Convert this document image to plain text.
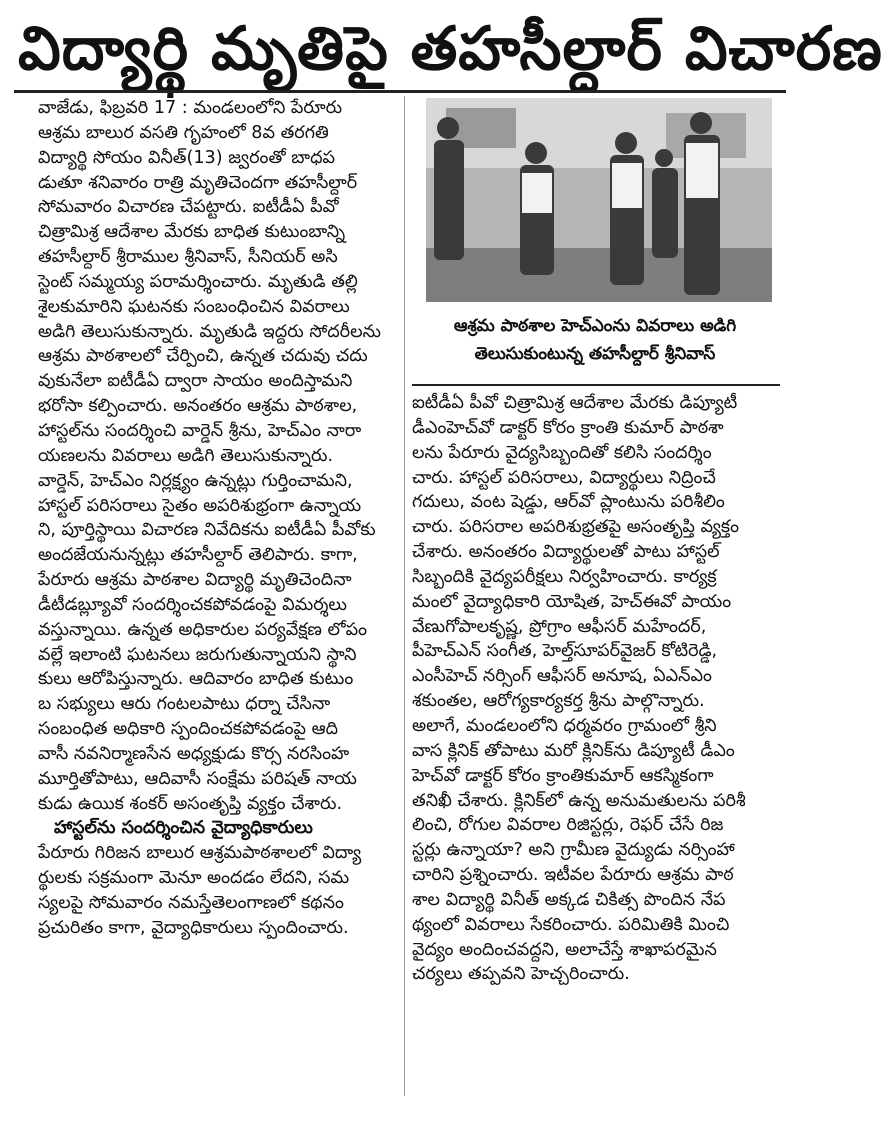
విద్యార్థి మృతిపై తహసీల్దార్ విచారణ
వాజేడు, ఫిబ్రవరి 17 : మండలంలోని పేరూరు
ఆశ్రమ బాలుర వసతి గృహంలో 8వ తరగతి
విద్యార్థి సోయం వినీత్(13) జ్వరంతో బాధప
డుతూ శనివారం రాత్రి మృతిచెందగా తహసీల్దార్
సోమవారం విచారణ చేపట్టారు. ఐటీడీఏ పీవో
చిత్రామిశ్ర ఆదేశాల మేరకు బాధిత కుటుంబాన్ని
తహసీల్దార్ శ్రీరాముల శ్రీనివాస్, సీనియర్ అసి
స్టెంట్ సమ్మయ్య పరామర్శించారు. మృతుడి తల్లి
శైలకుమారిని ఘటనకు సంబంధించిన వివరాలు
అడిగి తెలుసుకున్నారు. మృతుడి ఇద్దరు సోదరీలను
ఆశ్రమ పాఠశాలలో చేర్పించి, ఉన్నత చదువు చదు
వుకునేలా ఐటీడీఏ ద్వారా సాయం అందిస్తామని
భరోసా కల్పించారు. అనంతరం ఆశ్రమ పాఠశాల,
హాస్టల్‌ను సందర్శించి వార్డెన్ శ్రీను, హెచ్ఎం నారా
యణలను వివరాలు అడిగి తెలుసుకున్నారు.
వార్డెన్, హెచ్ఎం నిర్లక్ష్యం ఉన్నట్లు గుర్తించామని,
హాస్టల్ పరిసరాలు సైతం అపరిశుభ్రంగా ఉన్నాయ
ని, పూర్తిస్థాయి విచారణ నివేదికను ఐటీడీఏ పీవోకు
అందజేయనున్నట్లు తహసీల్దార్ తెలిపారు. కాగా,
పేరూరు ఆశ్రమ పాఠశాల విద్యార్థి మృతిచెందినా
డీటీడబ్ల్యూవో సందర్శించకపోవడంపై విమర్శలు
వస్తున్నాయి. ఉన్నత అధికారుల పర్యవేక్షణ లోపం
వల్లే ఇలాంటి ఘటనలు జరుగుతున్నాయని స్థాని
కులు ఆరోపిస్తున్నారు. ఆదివారం బాధిత కుటుం
బ సభ్యులు ఆరు గంటలపాటు ధర్నా చేసినా
సంబంధిత అధికారి స్పందించకపోవడంపై ఆది
వాసీ నవనిర్మాణసేన అధ్యక్షుడు కొర్స నరసింహ
మూర్తితోపాటు, ఆదివాసీ సంక్షేమ పరిషత్ నాయ
కుడు ఉయిక శంకర్ అసంతృప్తి వ్యక్తం చేశారు.
హాస్టల్‌ను సందర్శించిన వైద్యాధికారులు
పేరూరు గిరిజన బాలుర ఆశ్రమపాఠశాలలో విద్యా
ర్థులకు సక్రమంగా మెనూ అందడం లేదని, సమ
స్యలపై సోమవారం నమస్తేతెలంగాణలో కథనం
ప్రచురితం కాగా, వైద్యాధికారులు స్పందించారు.
ఆశ్రమ పాఠశాల హెచ్ఎంను వివరాలు అడిగి
తెలుసుకుంటున్న తహసీల్దార్ శ్రీనివాస్
ఐటీడీఏ పీవో చిత్రామిశ్ర ఆదేశాల మేరకు డిప్యూటీ
డీఎంహెచ్‌వో డాక్టర్ కోరం క్రాంతి కుమార్ పాఠశా
లను పేరూరు వైద్యసిబ్బందితో కలిసి సందర్శిం
చారు. హాస్టల్ పరిసరాలు, విద్యార్థులు నిద్రించే
గదులు, వంట షెడ్డు, ఆర్‌వో ప్లాంటును పరిశీలిం
చారు. పరిసరాల అపరిశుభ్రతపై అసంతృప్తి వ్యక్తం
చేశారు. అనంతరం విద్యార్థులతో పాటు హాస్టల్
సిబ్బందికి వైద్యపరీక్షలు నిర్వహించారు. కార్యక్ర
మంలో వైద్యాధికారి యోషిత, హెచ్ఈవో పాయం
వేణుగోపాలకృష్ణ, ప్రోగ్రాం ఆఫీసర్ మహేందర్,
పీహెచ్ఎన్ సంగీత, హెల్త్‌సూపర్‌వైజర్ కోటిరెడ్డి,
ఎంసీహెచ్ నర్సింగ్ ఆఫీసర్ అనూష, ఏఎన్ఎం
శకుంతల, ఆరోగ్యకార్యకర్త శ్రీను పాల్గొన్నారు.
అలాగే, మండలంలోని ధర్మవరం గ్రామంలో శ్రీని
వాస క్లినిక్ తోపాటు మరో క్లినిక్‌ను డిప్యూటీ డీఎం
హెచ్‌వో డాక్టర్ కోరం క్రాంతికుమార్ ఆకస్మికంగా
తనిఖీ చేశారు. క్లినిక్‌లో ఉన్న అనుమతులను పరిశీ
లించి, రోగుల వివరాల రిజిస్టర్లు, రెఫర్ చేసే రిజ
స్టర్లు ఉన్నాయా? అని గ్రామీణ వైద్యుడు నర్సింహా
చారిని ప్రశ్నించారు. ఇటీవల పేరూరు ఆశ్రమ పాఠ
శాల విద్యార్థి వినీత్ అక్కడ చికిత్స పొందిన నేప
థ్యంలో వివరాలు సేకరించారు. పరిమితికి మించి
వైద్యం అందించవద్దని, అలాచేస్తే శాఖాపరమైన
చర్యలు తప్పవని హెచ్చరించారు.
